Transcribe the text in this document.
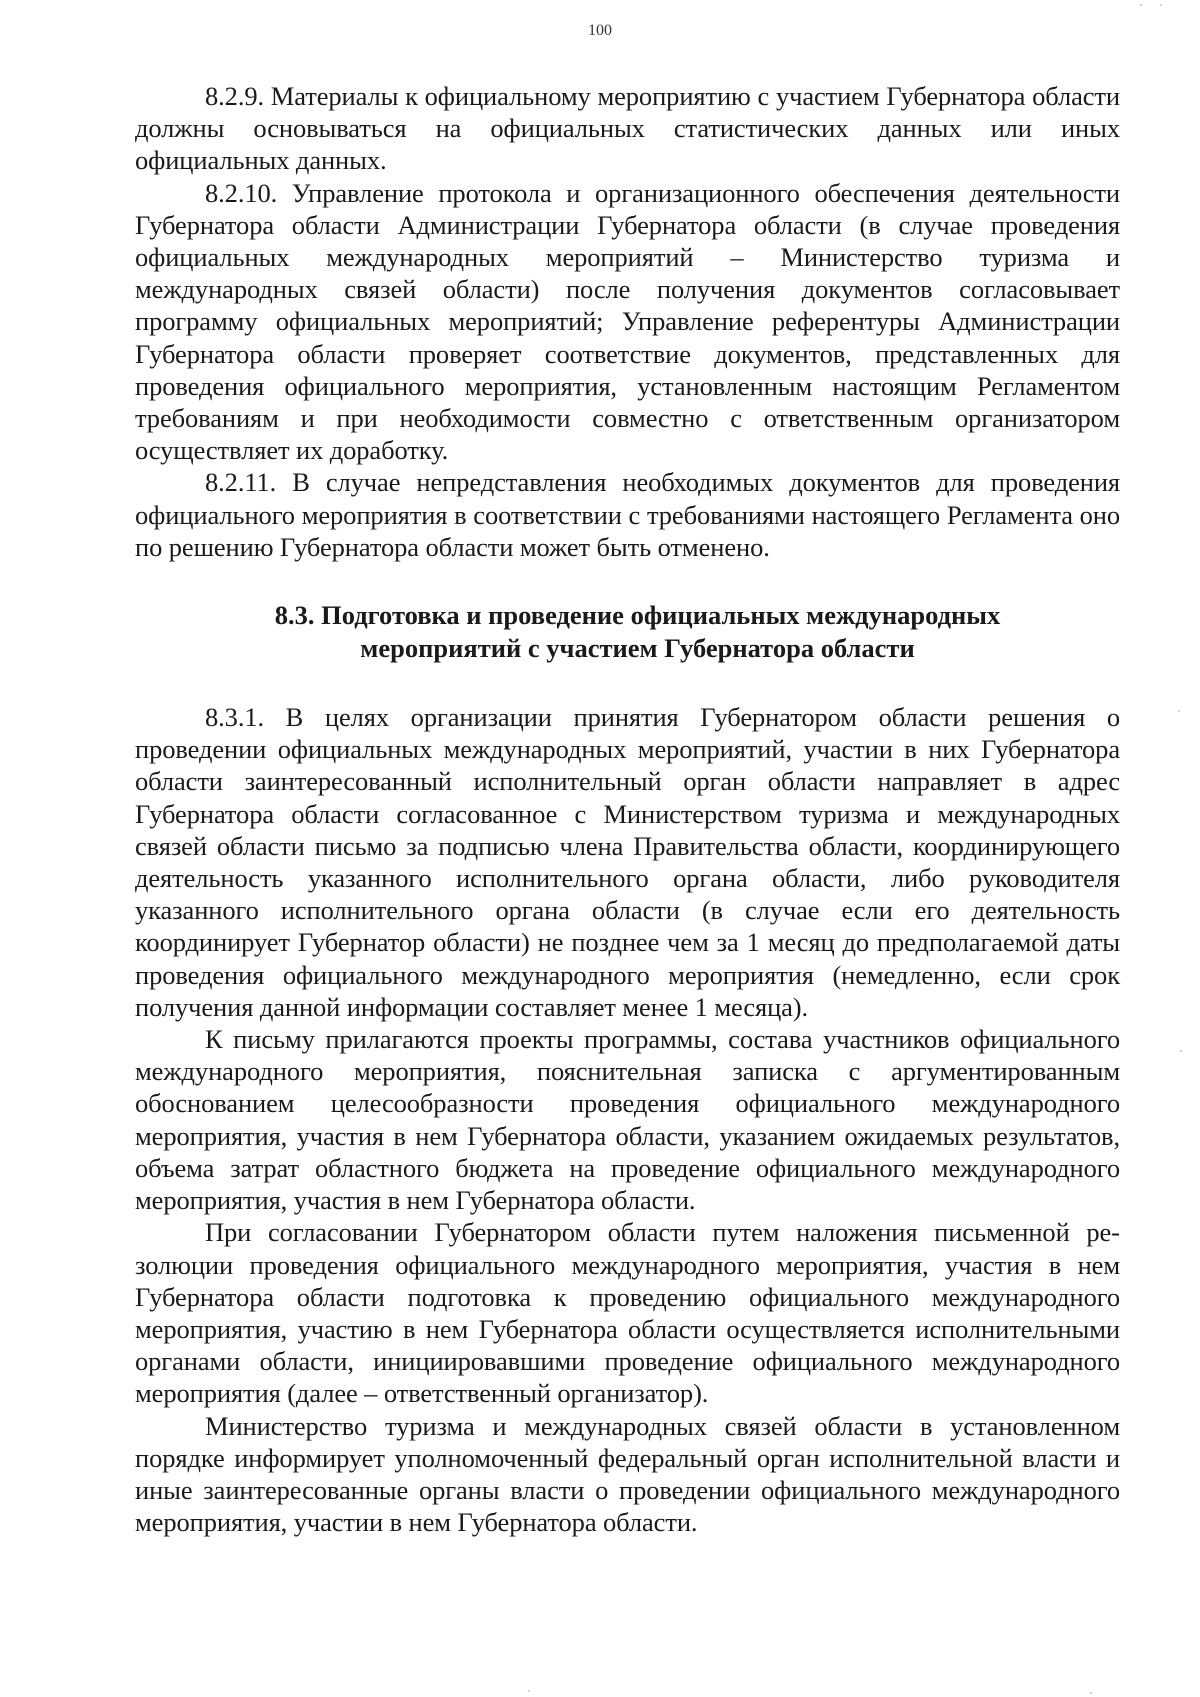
100

8.2.9. Материалы к официальному мероприятию с участием Губернатора области должны основываться на официальных статистических данных или иных официальных данных.

8.2.10. Управление протокола и организационного обеспечения деятельности Губернатора области Администрации Губернатора области (в случае проведения официальных международных мероприятий – Министерство туризма и международных связей области) после получения документов согласовывает программу официальных мероприятий; Управление референтуры Администрации Губернатора области проверяет соответствие документов, представленных для проведения официального мероприятия, установленным настоящим Регламентом требованиям и при необходимости совместно с ответственным организатором осуществляет их доработку.

8.2.11. В случае непредставления необходимых документов для проведения официального мероприятия в соответствии с требованиями настоящего Регламента оно по решению Губернатора области может быть отменено.

8.3. Подготовка и проведение официальных международных

мероприятий с участием Губернатора области

8.3.1. В целях организации принятия Губернатором области решения о проведении официальных международных мероприятий, участии в них Губернатора области заинтересованный исполнительный орган области направляет в адрес Губернатора области согласованное с Министерством туризма и международных связей области письмо за подписью члена Правительства области, координирующего деятельность указанного исполнительного органа области, либо руководителя указанного исполнительного органа области (в случае если его деятельность координирует Губернатор области) не позднее чем за 1 месяц до предполагаемой даты проведения официального международного мероприятия (немедленно, если срок получения данной информации составляет менее 1 месяца).

К письму прилагаются проекты программы, состава участников официального международного мероприятия, пояснительная записка с аргументированным обоснованием целесообразности проведения официального международного мероприятия, участия в нем Губернатора области, указанием ожидаемых результатов, объема затрат областного бюджета на проведение официального международного мероприятия, участия в нем Губернатора области.

При согласовании Губернатором области путем наложения письменной резолюции проведения официального международного мероприятия, участия в нем Губернатора области подготовка к проведению официального международного мероприятия, участию в нем Губернатора области осуществляется исполнительными органами области, инициировавшими проведение официального международного мероприятия (далее – ответственный организатор).

Министерство туризма и международных связей области в установленном порядке информирует уполномоченный федеральный орган исполнительной власти и иные заинтересованные органы власти о проведении официального международного мероприятия, участии в нем Губернатора области.
